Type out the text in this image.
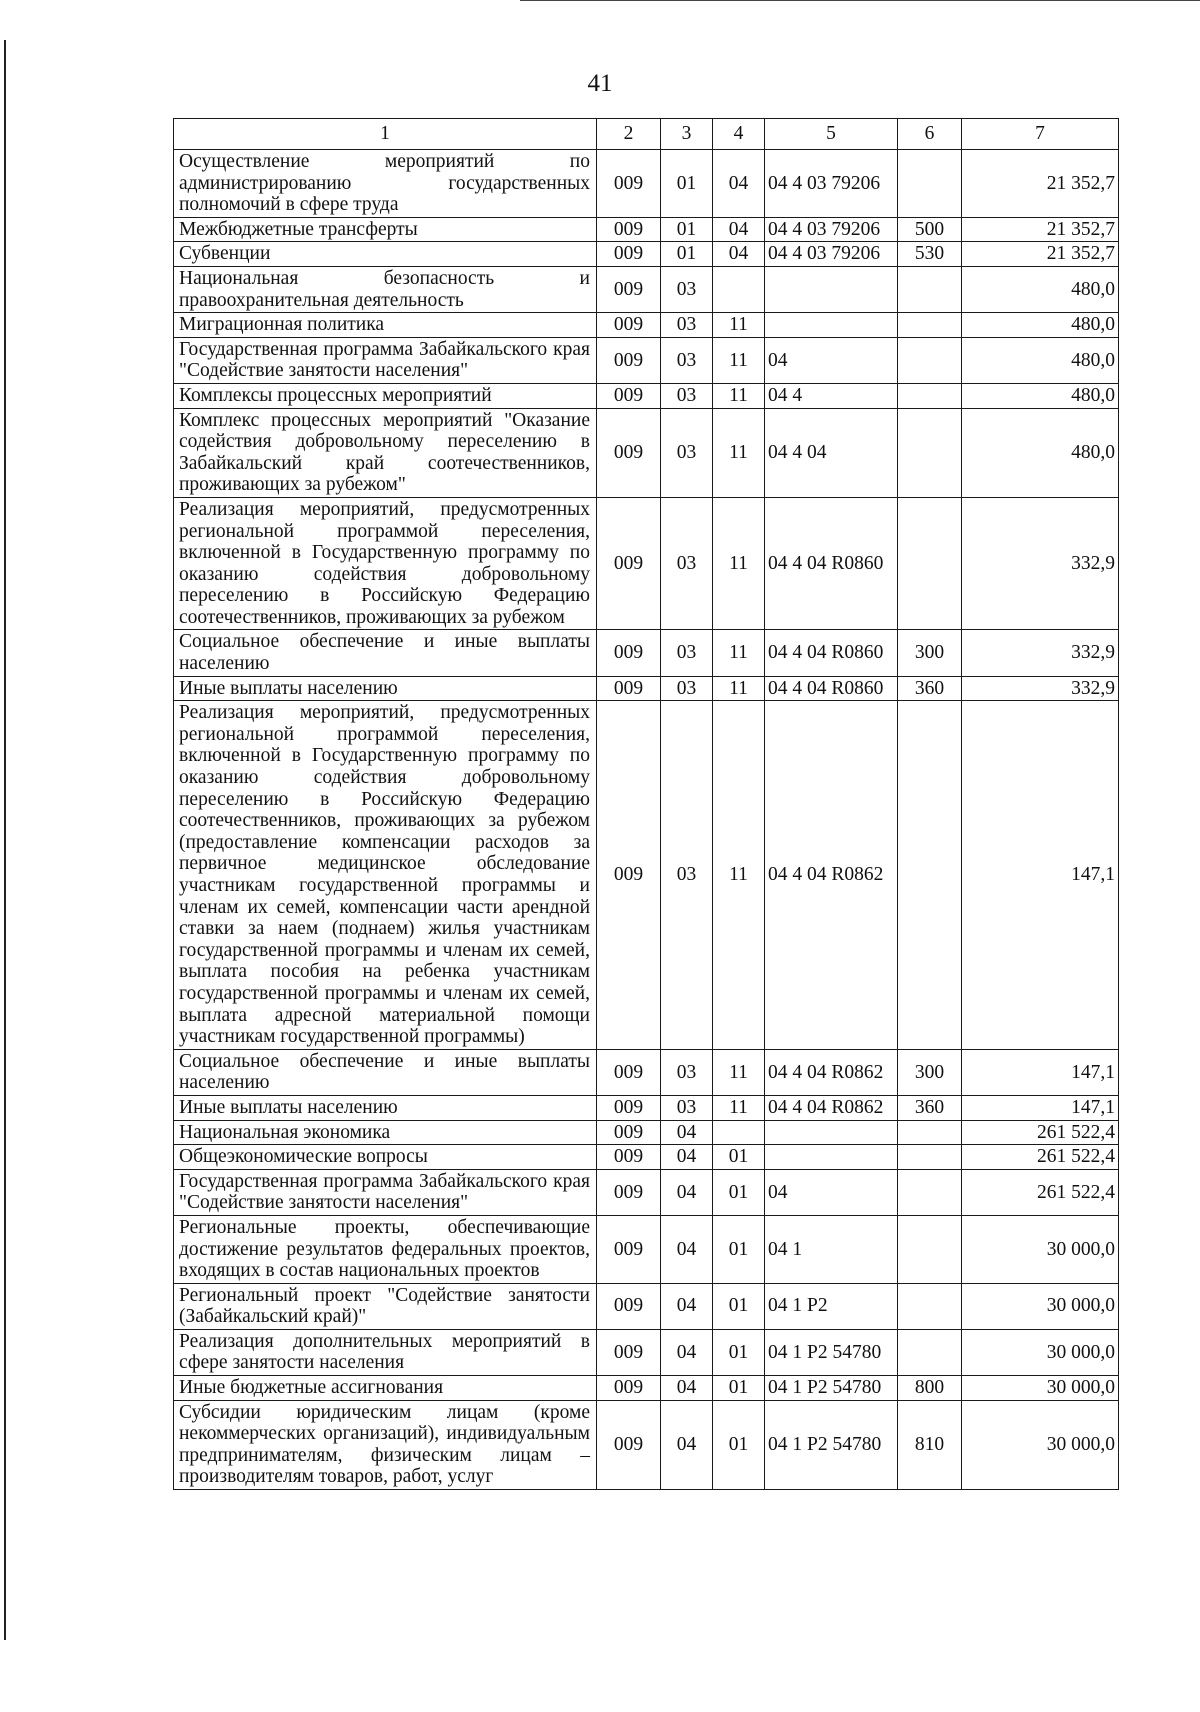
41
1	2	3	4	5	6	7
Осуществление мероприятий по администрированию государственных полномочий в сфере труда	009	01	04	04 4 03 79206		21 352,7
Межбюджетные трансферты	009	01	04	04 4 03 79206	500	21 352,7
Субвенции	009	01	04	04 4 03 79206	530	21 352,7
Национальная безопасность и правоохранительная деятельность	009	03				480,0
Миграционная политика	009	03	11			480,0
Государственная программа Забайкальского края "Содействие занятости населения"	009	03	11	04		480,0
Комплексы процессных мероприятий	009	03	11	04 4		480,0
Комплекс процессных мероприятий "Оказание содействия добровольному переселению в Забайкальский край соотечественников, проживающих за рубежом"	009	03	11	04 4 04		480,0
Реализация мероприятий, предусмотренных региональной программой переселения, включенной в Государственную программу по оказанию содействия добровольному переселению в Российскую Федерацию соотечественников, проживающих за рубежом	009	03	11	04 4 04 R0860		332,9
Социальное обеспечение и иные выплаты населению	009	03	11	04 4 04 R0860	300	332,9
Иные выплаты населению	009	03	11	04 4 04 R0860	360	332,9
Реализация мероприятий, предусмотренных региональной программой переселения, включенной в Государственную программу по оказанию содействия добровольному переселению в Российскую Федерацию соотечественников, проживающих за рубежом (предоставление компенсации расходов за первичное медицинское обследование участникам государственной программы и членам их семей, компенсации части арендной ставки за наем (поднаем) жилья участникам государственной программы и членам их семей, выплата пособия на ребенка участникам государственной программы и членам их семей, выплата адресной материальной помощи участникам государственной программы)	009	03	11	04 4 04 R0862		147,1
Социальное обеспечение и иные выплаты населению	009	03	11	04 4 04 R0862	300	147,1
Иные выплаты населению	009	03	11	04 4 04 R0862	360	147,1
Национальная экономика	009	04				261 522,4
Общеэкономические вопросы	009	04	01			261 522,4
Государственная программа Забайкальского края "Содействие занятости населения"	009	04	01	04		261 522,4
Региональные проекты, обеспечивающие достижение результатов федеральных проектов, входящих в состав национальных проектов	009	04	01	04 1		30 000,0
Региональный проект "Содействие занятости (Забайкальский край)"	009	04	01	04 1 P2		30 000,0
Реализация дополнительных мероприятий в сфере занятости населения	009	04	01	04 1 P2 54780		30 000,0
Иные бюджетные ассигнования	009	04	01	04 1 P2 54780	800	30 000,0
Субсидии юридическим лицам (кроме некоммерческих организаций), индивидуальным предпринимателям, физическим лицам – производителям товаров, работ, услуг	009	04	01	04 1 P2 54780	810	30 000,0
